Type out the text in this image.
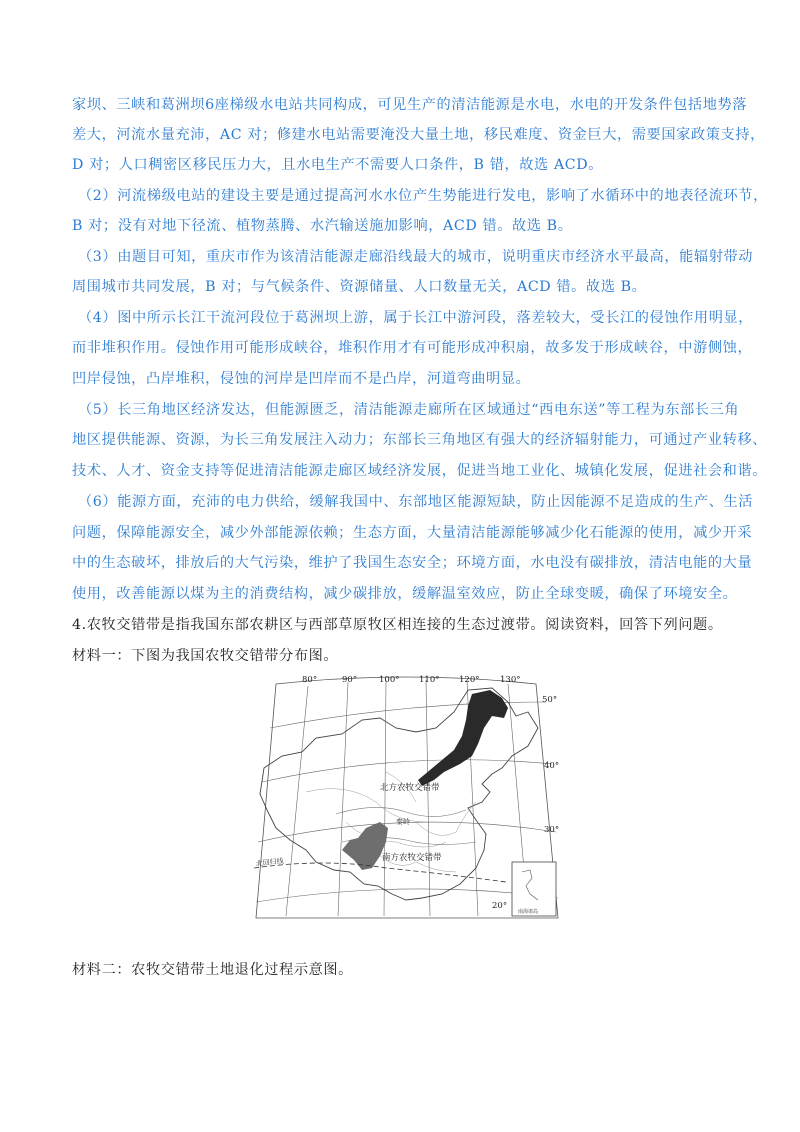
家坝、三峡和葛洲坝6座梯级水电站共同构成，可见生产的清洁能源是水电，水电的开发条件包括地势落
差大，河流水量充沛，AC 对；修建水电站需要淹没大量土地，移民难度、资金巨大，需要国家政策支持，
D 对；人口稠密区移民压力大，且水电生产不需要人口条件，B 错，故选 ACD。
（2）河流梯级电站的建设主要是通过提高河水水位产生势能进行发电，影响了水循环中的地表径流环节，
B 对；没有对地下径流、植物蒸腾、水汽输送施加影响，ACD 错。故选 B。
（3）由题目可知，重庆市作为该清洁能源走廊沿线最大的城市，说明重庆市经济水平最高，能辐射带动
周围城市共同发展，B 对；与气候条件、资源储量、人口数量无关，ACD 错。故选 B。
（4）图中所示长江干流河段位于葛洲坝上游，属于长江中游河段，落差较大，受长江的侵蚀作用明显，
而非堆积作用。侵蚀作用可能形成峡谷，堆积作用才有可能形成冲积扇，故多发于形成峡谷，中游侧蚀，
凹岸侵蚀，凸岸堆积，侵蚀的河岸是凹岸而不是凸岸，河道弯曲明显。
（5）长三角地区经济发达，但能源匮乏，清洁能源走廊所在区域通过“西电东送”等工程为东部长三角
地区提供能源、资源，为长三角发展注入动力；东部长三角地区有强大的经济辐射能力，可通过产业转移、
技术、人才、资金支持等促进清洁能源走廊区域经济发展，促进当地工业化、城镇化发展，促进社会和谐。
（6）能源方面，充沛的电力供给，缓解我国中、东部地区能源短缺，防止因能源不足造成的生产、生活
问题，保障能源安全，减少外部能源依赖；生态方面，大量清洁能源能够减少化石能源的使用，减少开采
中的生态破坏，排放后的大气污染，维护了我国生态安全；环境方面，水电没有碳排放，清洁电能的大量
使用，改善能源以煤为主的消费结构，减少碳排放，缓解温室效应，防止全球变暖，确保了环境安全。
4.农牧交错带是指我国东部农耕区与西部草原牧区相连接的生态过渡带。阅读资料，回答下列问题。
材料一：下图为我国农牧交错带分布图。
80°	90°	100° 110° 120° 130°
50°
40°
30°
20°
北方农牧交错带
秦岭
南方农牧交错带
北回归线
南海诸岛
材料二：农牧交错带土地退化过程示意图。
